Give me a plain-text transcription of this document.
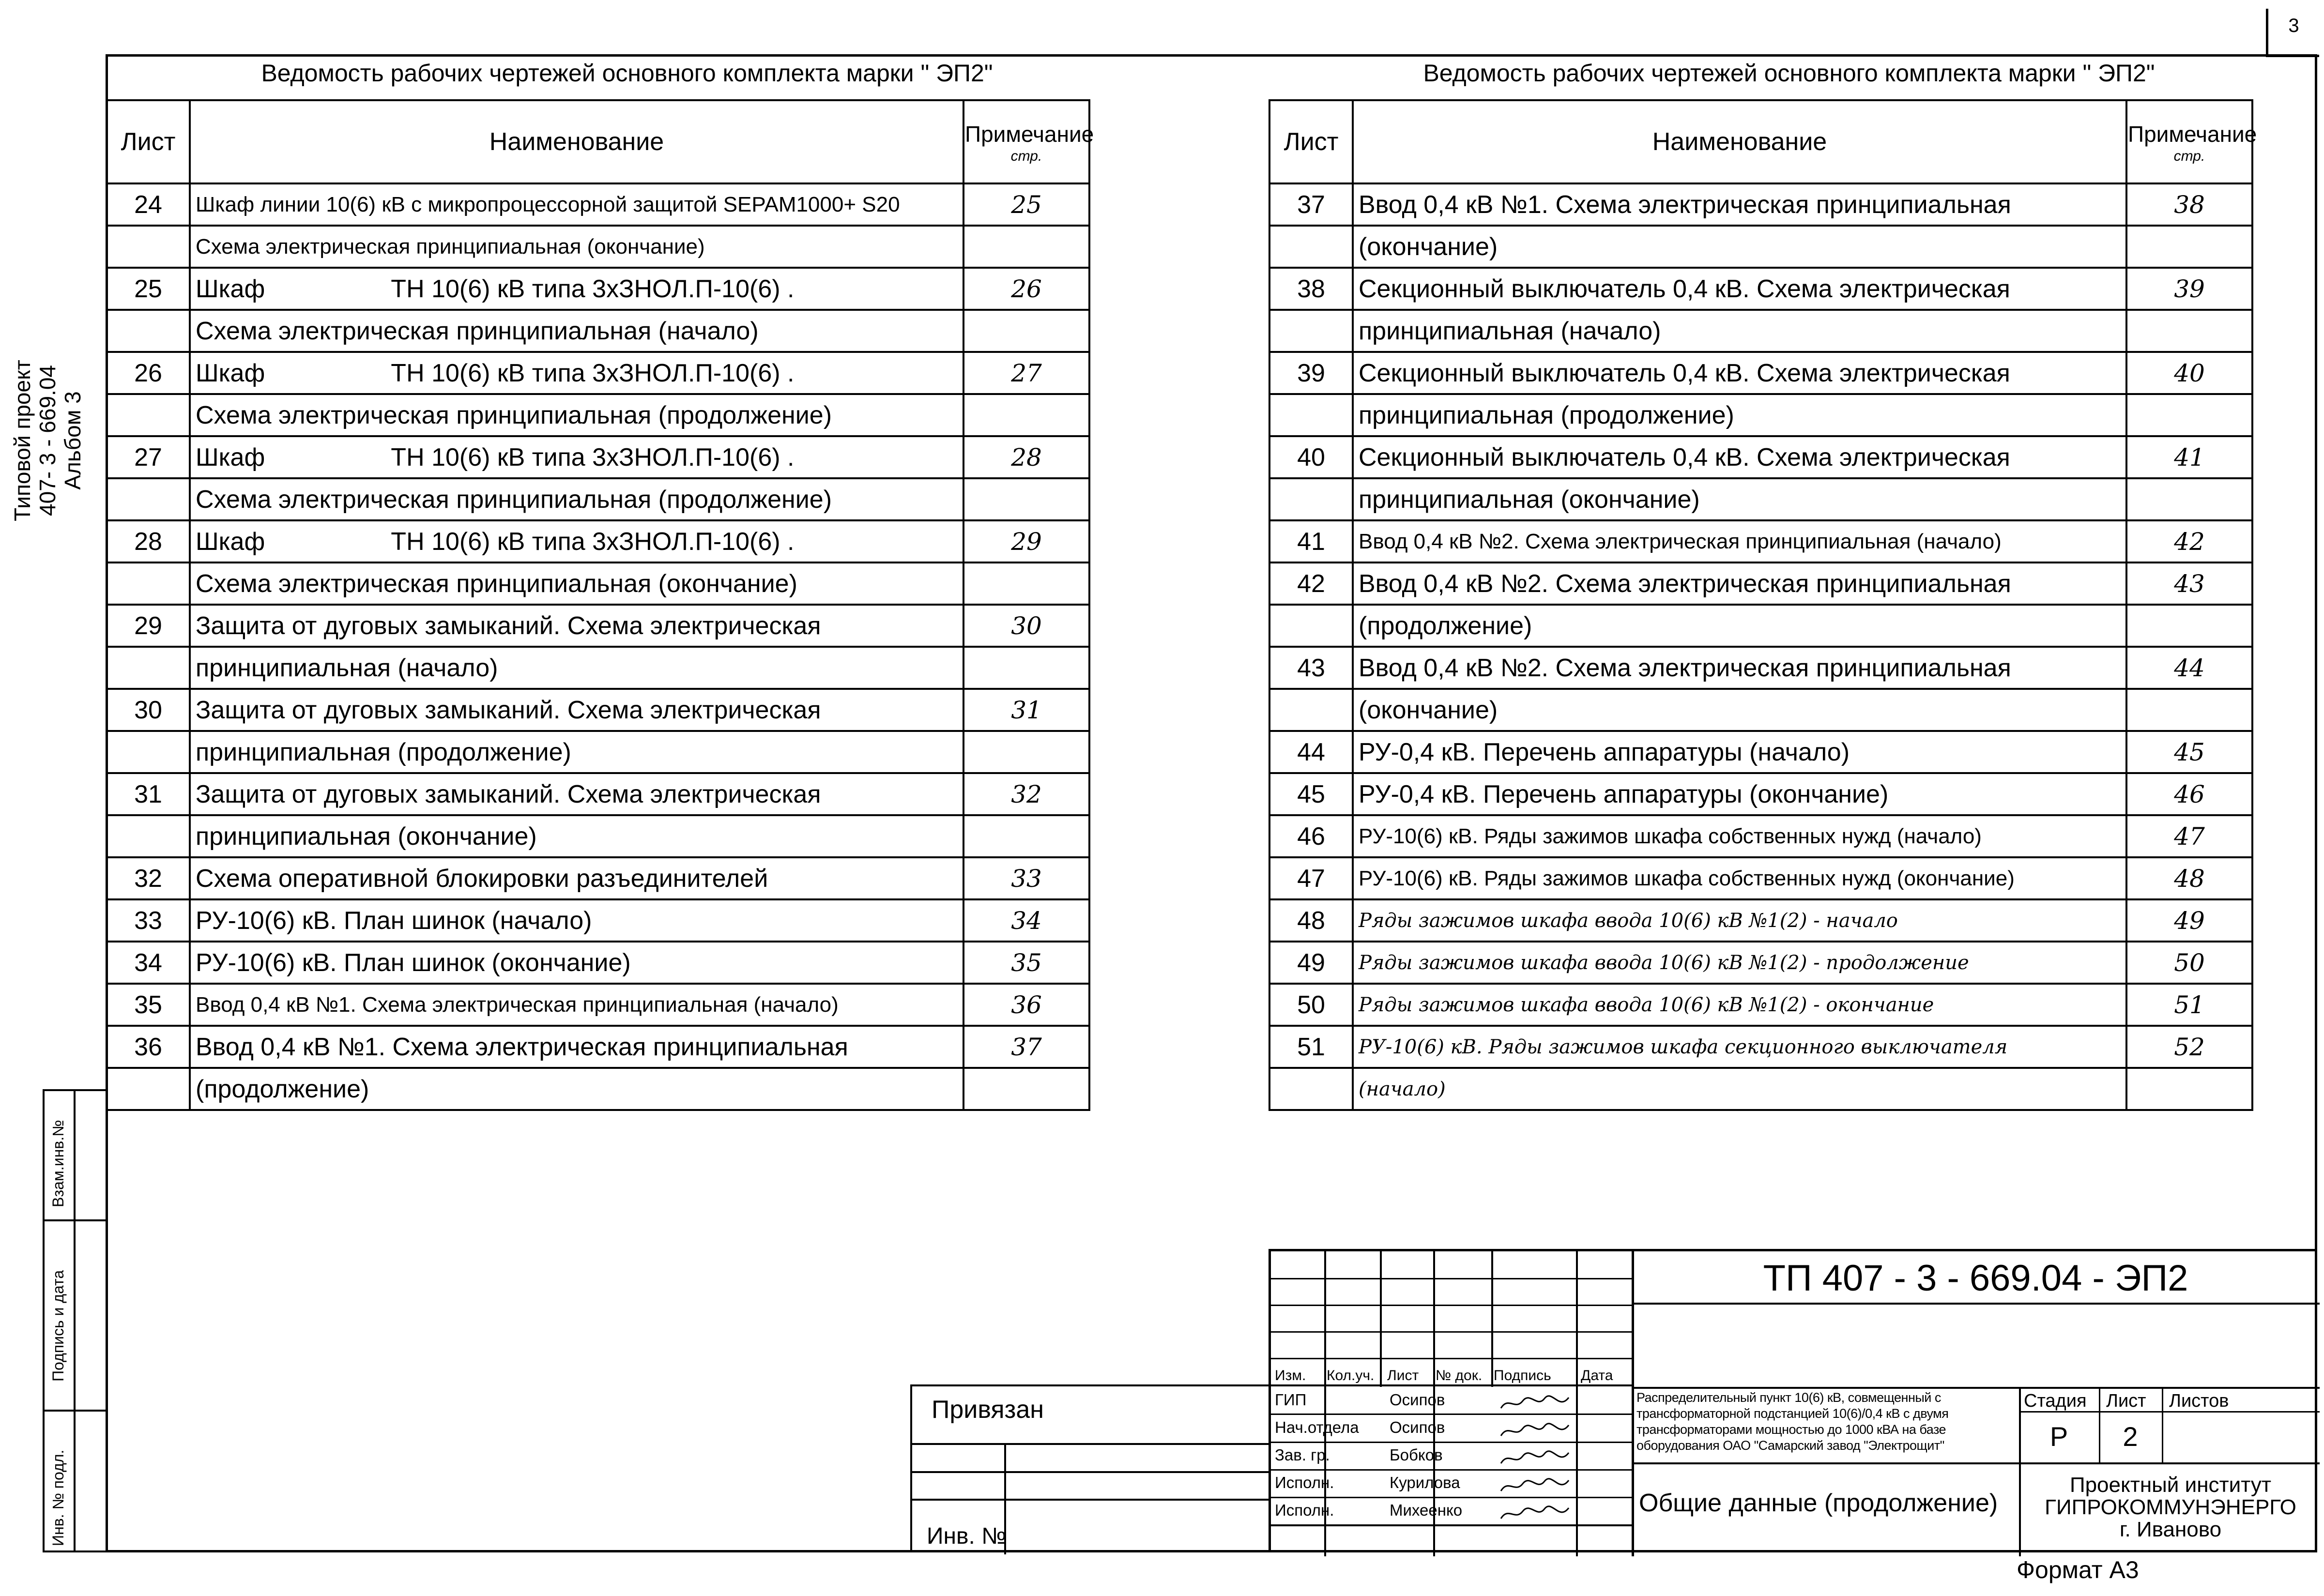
3
Типовой проект 407- 3 - 669.04 Альбом 3
Взам.инв.№
Подпись и дата
Инв. № подл.
Ведомость рабочих чертежей основного комплекта марки " ЭП2"
Лист	Наименование	Примечание
стр.

24	Шкаф линии 10(6) кВ с микропроцессорной защитой SEPAM1000+ S20	25
	Схема электрическая принципиальная (окончание)	
25	Шкаф                  ТН 10(6) кВ типа 3хЗНОЛ.П-10(6) .	26
	Схема электрическая принципиальная (начало)	
26	Шкаф                  ТН 10(6) кВ типа 3хЗНОЛ.П-10(6) .	27
	Схема электрическая принципиальная (продолжение)	
27	Шкаф                  ТН 10(6) кВ типа 3хЗНОЛ.П-10(6) .	28
	Схема электрическая принципиальная (продолжение)	
28	Шкаф                  ТН 10(6) кВ типа 3хЗНОЛ.П-10(6) .	29
	Схема электрическая принципиальная (окончание)	
29	Защита от дуговых замыканий. Схема электрическая	30
	принципиальная (начало)	
30	Защита от дуговых замыканий. Схема электрическая	31
	принципиальная (продолжение)	
31	Защита от дуговых замыканий. Схема электрическая	32
	принципиальная (окончание)	
32	Схема оперативной блокировки разъединителей	33
33	РУ-10(6) кВ. План шинок (начало)	34
34	РУ-10(6) кВ. План шинок (окончание)	35
35	Ввод 0,4 кВ №1. Схема электрическая принципиальная (начало)	36
36	Ввод 0,4 кВ №1. Схема электрическая принципиальная	37
	(продолжение)	
Ведомость рабочих чертежей основного комплекта марки " ЭП2"
Лист	Наименование	Примечание
стр.

37	Ввод 0,4 кВ №1. Схема электрическая принципиальная	38
	(окончание)	
38	Секционный выключатель 0,4 кВ. Схема электрическая	39
	принципиальная (начало)	
39	Секционный выключатель 0,4 кВ. Схема электрическая	40
	принципиальная (продолжение)	
40	Секционный выключатель 0,4 кВ. Схема электрическая	41
	принципиальная (окончание)	
41	Ввод 0,4 кВ №2. Схема электрическая принципиальная (начало)	42
42	Ввод 0,4 кВ №2. Схема электрическая принципиальная	43
	(продолжение)	
43	Ввод 0,4 кВ №2. Схема электрическая принципиальная	44
	(окончание)	
44	РУ-0,4 кВ. Перечень аппаратуры (начало)	45
45	РУ-0,4 кВ. Перечень аппаратуры (окончание)	46
46	РУ-10(6) кВ. Ряды зажимов шкафа собственных нужд (начало)	47
47	РУ-10(6) кВ. Ряды зажимов шкафа собственных нужд (окончание)	48
48	Ряды зажимов шкафа ввода 10(6) кВ №1(2) - начало	49
49	Ряды зажимов шкафа ввода 10(6) кВ №1(2) - продолжение	50
50	Ряды зажимов шкафа ввода 10(6) кВ №1(2) - окончание	51
51	РУ-10(6) кВ. Ряды зажимов шкафа секционного выключателя	52
	(начало)	
Привязан
Инв. №
Изм. Кол.уч. Лист № док. Подпись Дата
ГИП	Осипов
Нач.отдела Осипов
Зав. гр.	Бобков
Исполн.	Курилова
Исполн.	Михеенко
ТП 407 - 3 - 669.04 - ЭП2
Распределительный пункт 10(6) кВ, совмещенный с трансформаторной подстанцией 10(6)/0,4 кВ с двумя трансформаторами мощностью до 1000 кВА на базе оборудования ОАО "Самарский завод "Электрощит"
Общие данные (продолжение)
Стадия Лист Листов
Р	2
Проектный институт
ГИПРОКОММУНЭНЕРГО
г. Иваново
Формат А3
